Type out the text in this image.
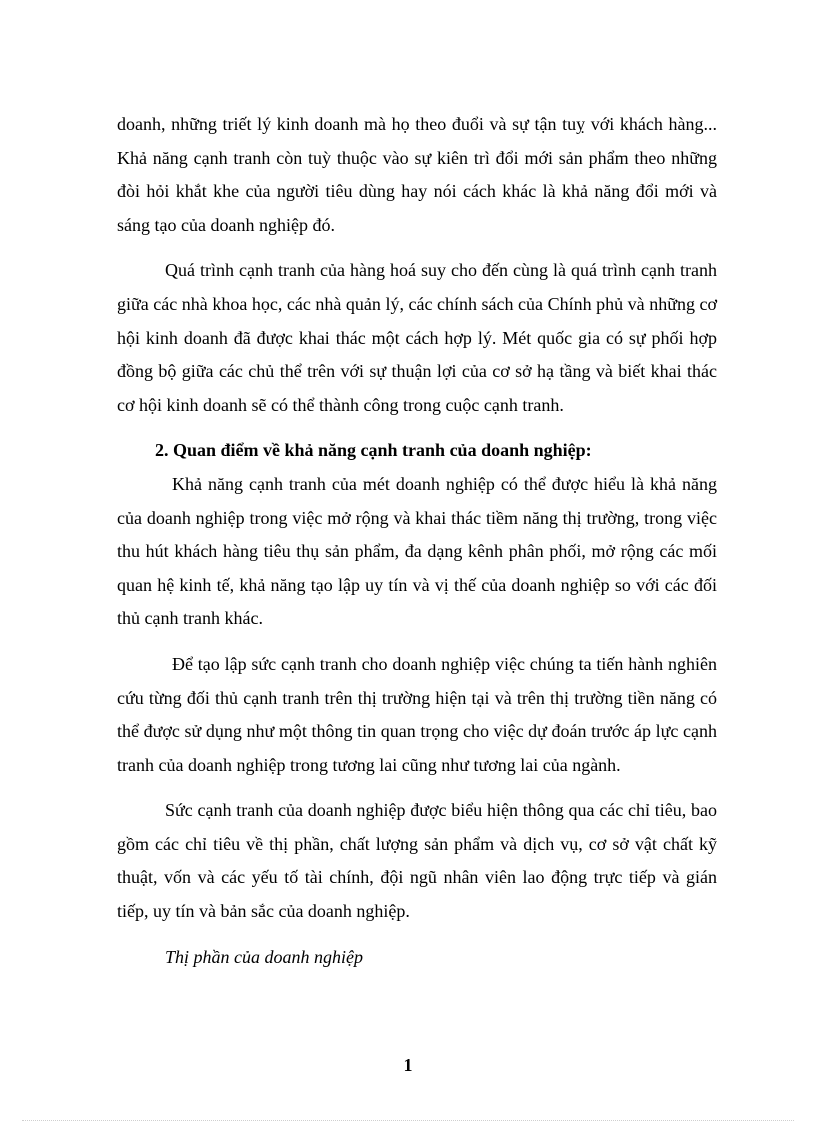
doanh, những triết lý kinh doanh mà họ theo đuổi và sự tận tuỵ với khách hàng... Khả năng cạnh tranh còn tuỳ thuộc vào sự kiên trì đổi mới sản phẩm theo những đòi hỏi khắt khe của người tiêu dùng hay nói cách khác là khả năng đổi mới và sáng tạo của doanh nghiệp đó.

Quá trình cạnh tranh của hàng hoá suy cho đến cùng là quá trình cạnh tranh giữa các nhà khoa học, các nhà quản lý, các chính sách của Chính phủ và những cơ hội kinh doanh đã được khai thác một cách hợp lý. Mét quốc gia có sự phối hợp đồng bộ giữa các chủ thể trên với sự thuận lợi của cơ sở hạ tầng và biết khai thác cơ hội kinh doanh sẽ có thể thành công trong cuộc cạnh tranh.

2. Quan điểm về khả năng cạnh tranh của doanh nghiệp:

Khả năng cạnh tranh của mét doanh nghiệp có thể được hiểu là khả năng của doanh nghiệp trong việc mở rộng và khai thác tiềm năng thị trường, trong việc thu hút khách hàng tiêu thụ sản phẩm, đa dạng kênh phân phối, mở rộng các mối quan hệ kinh tế, khả năng tạo lập uy tín và vị thế của doanh nghiệp so với các đối thủ cạnh tranh khác.

Để tạo lập sức cạnh tranh cho doanh nghiệp việc chúng ta tiến hành nghiên cứu từng đối thủ cạnh tranh trên thị trường hiện tại và trên thị trường tiền năng có thể được sử dụng như một thông tin quan trọng cho việc dự đoán trước áp lực cạnh tranh của doanh nghiệp trong tương lai cũng như tương lai của ngành.

Sức cạnh tranh của doanh nghiệp được biểu hiện thông qua các chỉ tiêu, bao gồm các chỉ tiêu về thị phần, chất lượng sản phẩm và dịch vụ, cơ sở vật chất kỹ thuật, vốn và các yếu tố tài chính, đội ngũ nhân viên lao động trực tiếp và gián tiếp, uy tín và bản sắc của doanh nghiệp.

Thị phần của doanh nghiệp

1
